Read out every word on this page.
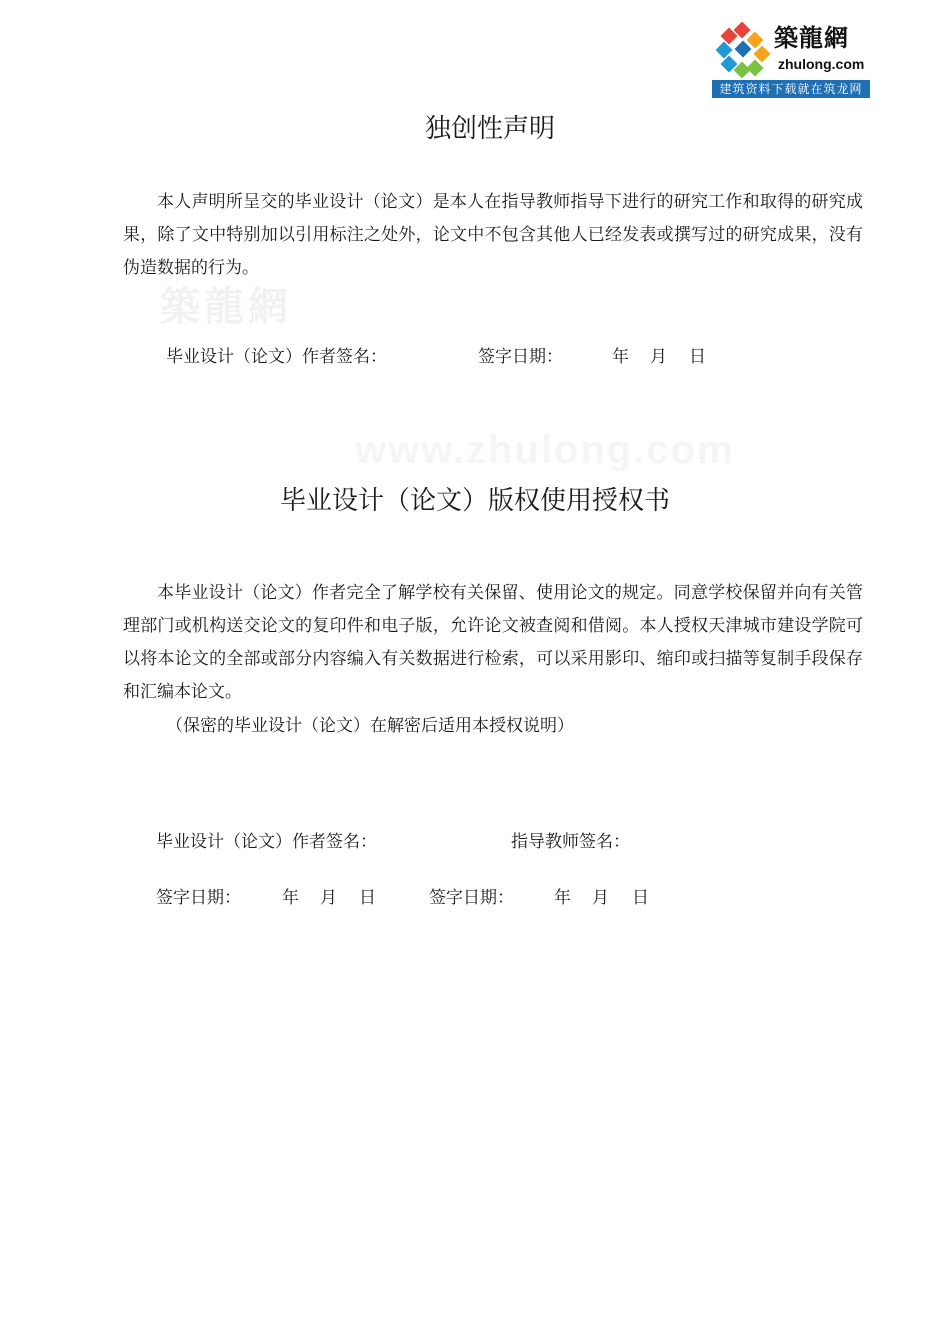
築龍網
zhulong.com
建筑资料下载就在筑龙网
築龍網
www.zhulong.com
独创性声明

本人声明所呈交的毕业设计（论文）是本人在指导教师指导下进行的研究工作和取得的研究成果，除了文中特别加以引用标注之处外，论文中不包含其他人已经发表或撰写过的研究成果，没有伪造数据的行为。

毕业设计（论文）作者签名：	签字日期：	年 月 日
毕业设计（论文）版权使用授权书

本毕业设计（论文）作者完全了解学校有关保留、使用论文的规定。同意学校保留并向有关管理部门或机构送交论文的复印件和电子版，允许论文被查阅和借阅。本人授权天津城市建设学院可以将本论文的全部或部分内容编入有关数据进行检索，可以采用影印、缩印或扫描等复制手段保存和汇编本论文。

（保密的毕业设计（论文）在解密后适用本授权说明）

毕业设计（论文）作者签名：	指导教师签名：
签字日期： 年 月 日	签字日期： 年 月 日
